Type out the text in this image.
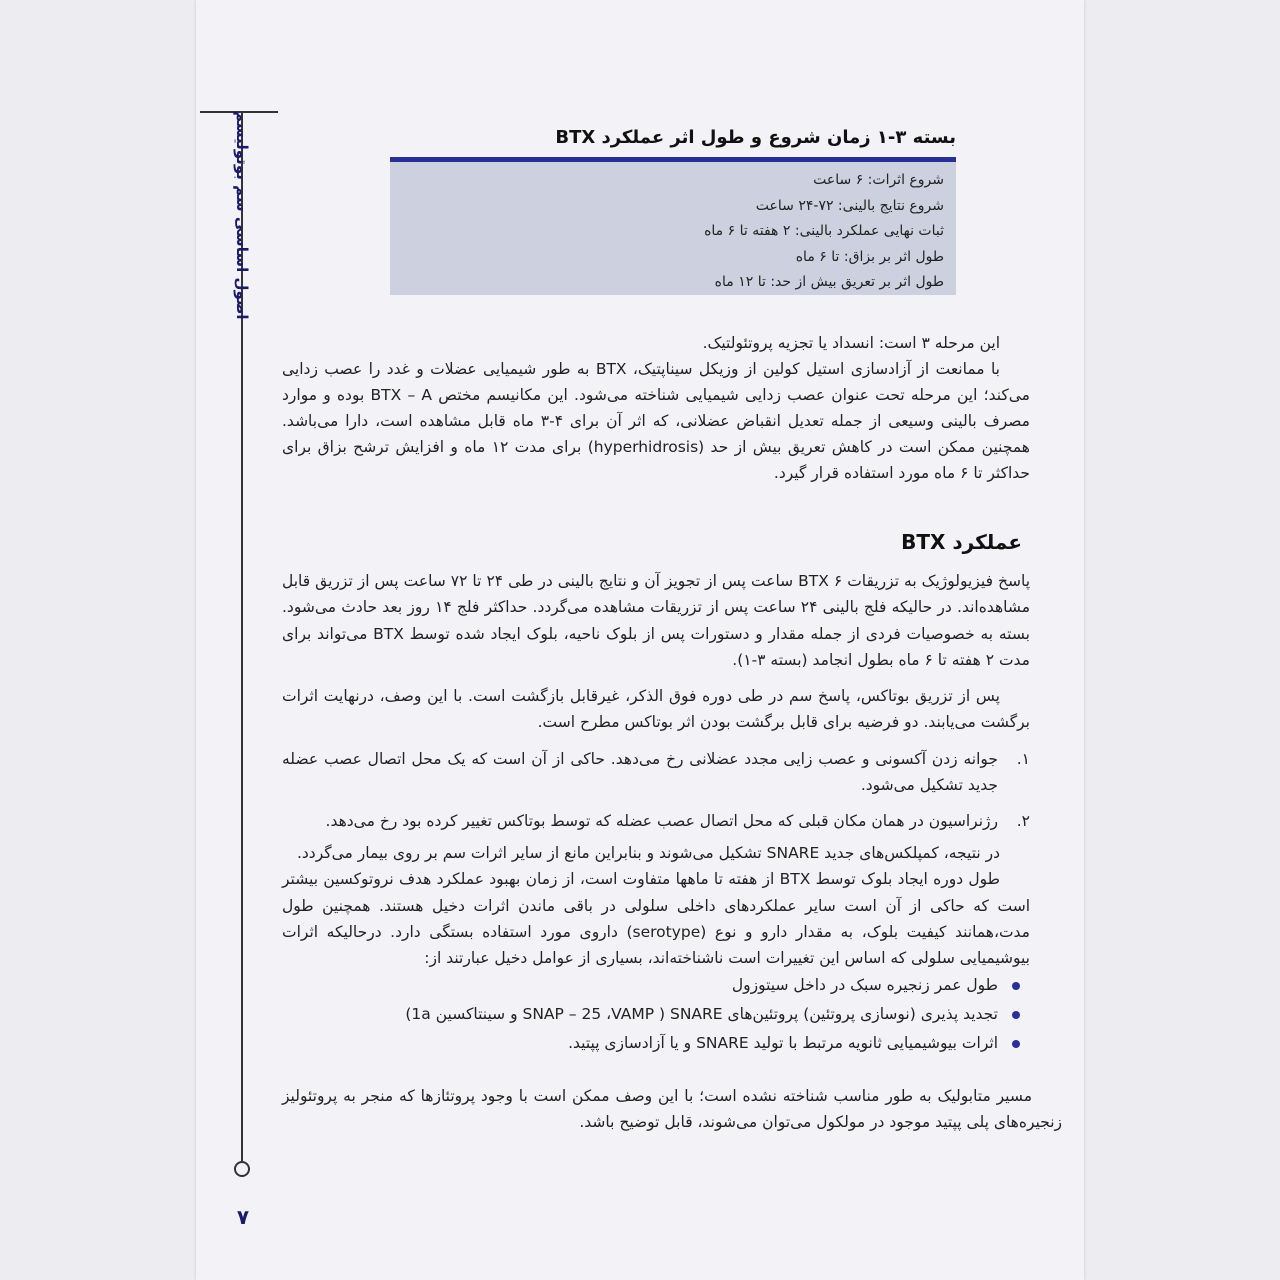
اصول اساسی سم بوتولیسم
۷
بسته ۳-۱ زمان شروع و طول اثر عملکرد BTX
شروع اثرات: ۶ ساعت
شروع نتایج بالینی: ۷۲-۲۴ ساعت
ثبات نهایی عملکرد بالینی: ۲ هفته تا ۶ ماه
طول اثر بر بزاق: تا ۶ ماه
طول اثر بر تعریق بیش از حد: تا ۱۲ ماه

این مرحله ۳ است: انسداد یا تجزیه پروتئولتیک.

با ممانعت از آزادسازی استیل کولین از وزیکل سیناپتیک، BTX به طور شیمیایی عضلات و غدد را عصب زدایی می‌کند؛ این مرحله تحت عنوان عصب زدایی شیمیایی شناخته می‌شود. این مکانیسم مختص BTX – A بوده و موارد مصرف بالینی وسیعی از جمله تعدیل انقباض عضلانی، که اثر آن برای ۴-۳ ماه قابل مشاهده است، دارا می‌باشد. همچنین ممکن است در کاهش تعریق بیش از حد (hyperhidrosis) برای مدت ۱۲ ماه و افزایش ترشح بزاق برای حداکثر تا ۶ ماه مورد استفاده قرار گیرد.

عملکرد BTX

پاسخ فیزیولوژیک به تزریقات BTX ۶ ساعت پس از تجویز آن و نتایج بالینی در طی ۲۴ تا ۷۲ ساعت پس از تزریق قابل مشاهده‌اند. در حالیکه فلج بالینی ۲۴ ساعت پس از تزریقات مشاهده می‌گردد. حداکثر فلج ۱۴ روز بعد حادث می‌شود. بسته به خصوصیات فردی از جمله مقدار و دستورات پس از بلوک ناحیه، بلوک ایجاد شده توسط BTX می‌تواند برای مدت ۲ هفته تا ۶ ماه بطول انجامد (بسته ۳-۱).

پس از تزریق بوتاکس، پاسخ سم در طی دوره فوق الذکر، غیرقابل بازگشت است. با این وصف، درنهایت اثرات برگشت می‌یابند. دو فرضیه برای قابل برگشت بودن اثر بوتاکس مطرح است.

۱.
جوانه زدن آکسونی و عصب زایی مجدد عضلانی رخ می‌دهد. حاکی از آن است که یک محل اتصال عصب عضله جدید تشکیل می‌شود.
۲.
رژنراسیون در همان مکان قبلی که محل اتصال عصب عضله که توسط بوتاکس تغییر کرده بود رخ می‌دهد.

در نتیجه، کمپلکس‌های جدید SNARE تشکیل می‌شوند و بنابراین مانع از سایر اثرات سم بر روی بیمار می‌گردد.

طول دوره ایجاد بلوک توسط BTX از هفته تا ماهها متفاوت است، از زمان بهبود عملکرد هدف نروتوکسین بیشتر است که حاکی از آن است سایر عملکردهای داخلی سلولی در باقی ماندن اثرات دخیل هستند. همچنین طول مدت،همانند کیفیت بلوک، به مقدار دارو و نوع (serotype) داروی مورد استفاده بستگی دارد. درحالیکه اثرات بیوشیمیایی سلولی که اساس این تغییرات است ناشناخته‌اند، بسیاری از عوامل دخیل عبارتند از:

طول عمر زنجیره سبک در داخل سیتوزول
تجدید پذیری (نوسازی پروتئین) پروتئین‌های SNARE ( SNAP – 25 ،VAMP و سینتاکسین 1a)
اثرات بیوشیمیایی ثانویه مرتبط با تولید SNARE و یا آزادسازی پپتید.

مسیر متابولیک به طور مناسب شناخته نشده است؛ با این وصف ممکن است با وجود پروتئازها که منجر به پروتئولیز زنجیره‌های پلی پپتید موجود در مولکول می‌توان می‌شوند، قابل توضیح باشد.
